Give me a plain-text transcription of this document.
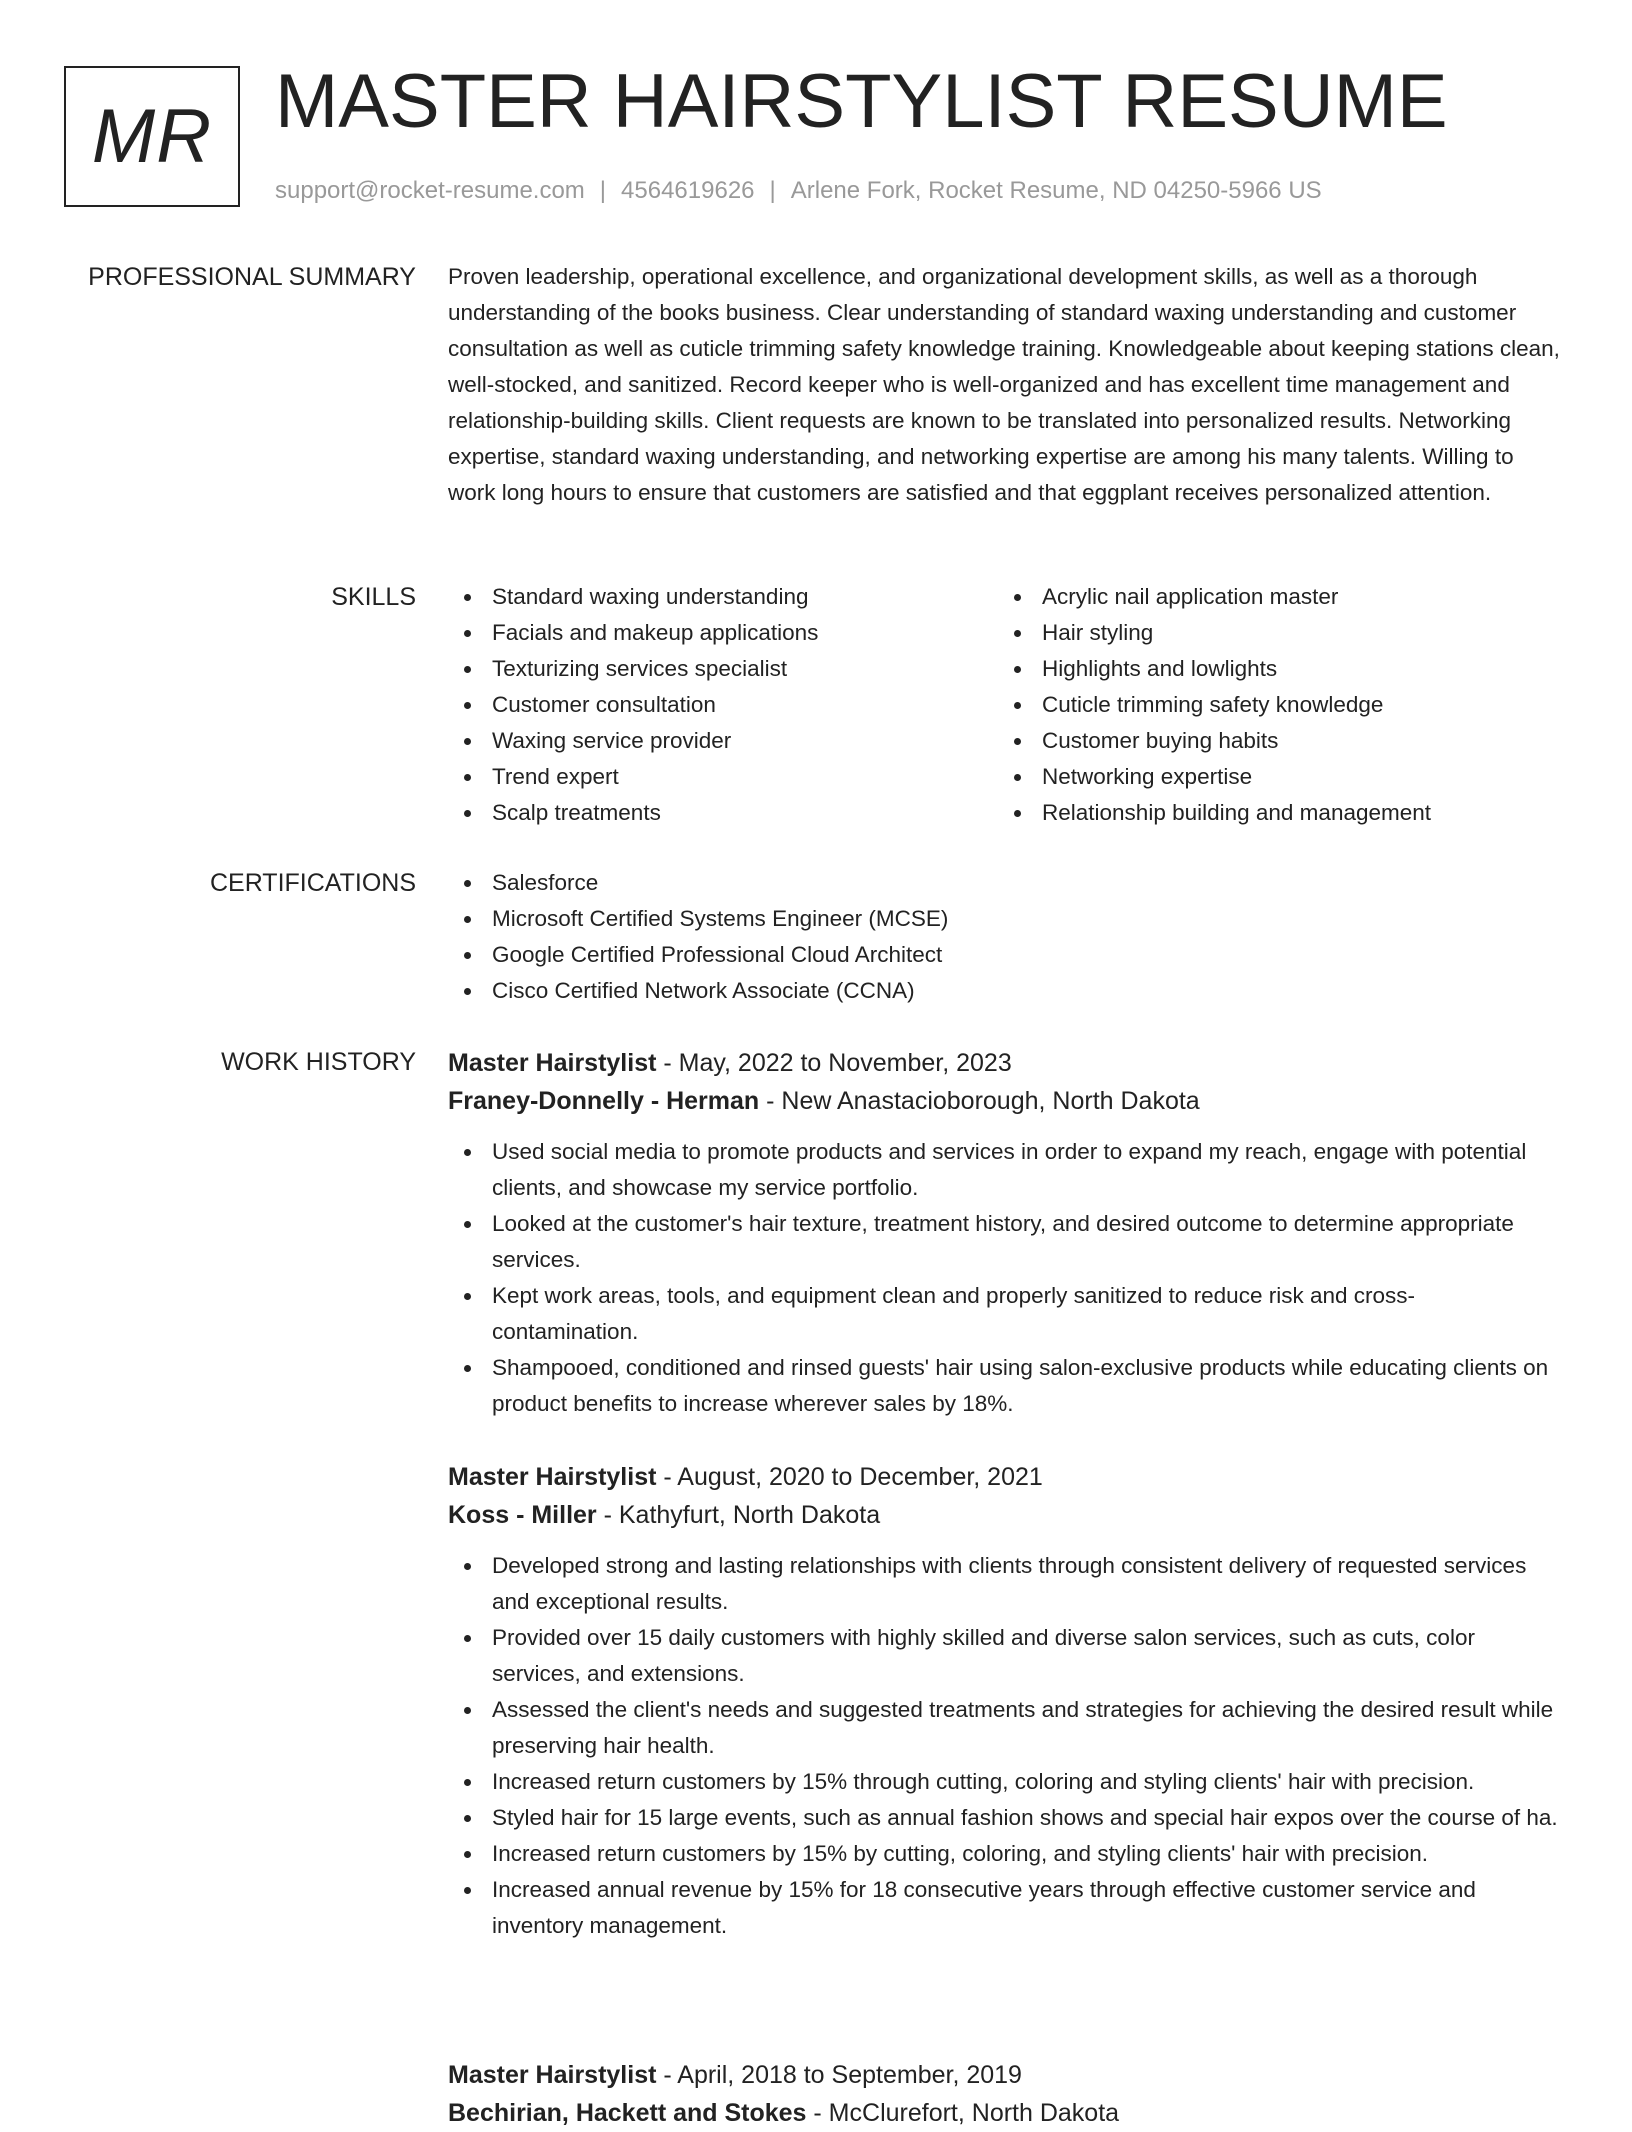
MR MASTER HAIRSTYLIST RESUME
support@rocket-resume.com | 4564619626 | Arlene Fork, Rocket Resume, ND 04250-5966 US
PROFESSIONAL SUMMARY Proven leadership, operational excellence, and organizational development skills, as well as a thorough understanding of the books business. Clear understanding of standard waxing understanding and customer consultation as well as cuticle trimming safety knowledge training. Knowledgeable about keeping stations clean, well-stocked, and sanitized. Record keeper who is well-organized and has excellent time management and relationship-building skills. Client requests are known to be translated into personalized results. Networking expertise, standard waxing understanding, and networking expertise are among his many talents. Willing to work long hours to ensure that customers are satisfied and that eggplant receives personalized attention.

SKILLS	Standard waxing understanding
Facials and makeup applications
Texturizing services specialist
Customer consultation
Waxing service provider
Trend expert
Scalp treatments
Acrylic nail application master
Hair styling
Highlights and lowlights
Cuticle trimming safety knowledge
Customer buying habits
Networking expertise
Relationship building and management
CERTIFICATIONS	Salesforce
Microsoft Certified Systems Engineer (MCSE)
Google Certified Professional Cloud Architect
Cisco Certified Network Associate (CCNA)
WORK HISTORY Master Hairstylist - May, 2022 to November, 2023
Franey-Donnelly - Herman - New Anastacioborough, North Dakota
Used social media to promote products and services in order to expand my reach, engage with potential clients, and showcase my service portfolio.
Looked at the customer's hair texture, treatment history, and desired outcome to determine appropriate services.
Kept work areas, tools, and equipment clean and properly sanitized to reduce risk and cross-contamination.
Shampooed, conditioned and rinsed guests' hair using salon-exclusive products while educating clients on product benefits to increase wherever sales by 18%.
Master Hairstylist - August, 2020 to December, 2021
Koss - Miller - Kathyfurt, North Dakota
Developed strong and lasting relationships with clients through consistent delivery of requested services and exceptional results.
Provided over 15 daily customers with highly skilled and diverse salon services, such as cuts, color services, and extensions.
Assessed the client's needs and suggested treatments and strategies for achieving the desired result while preserving hair health.
Increased return customers by 15% through cutting, coloring and styling clients' hair with precision.
Styled hair for 15 large events, such as annual fashion shows and special hair expos over the course of ha.
Increased return customers by 15% by cutting, coloring, and styling clients' hair with precision.
Increased annual revenue by 15% for 18 consecutive years through effective customer service and inventory management.
Master Hairstylist - April, 2018 to September, 2019
Bechirian, Hackett and Stokes - McClurefort, North Dakota
